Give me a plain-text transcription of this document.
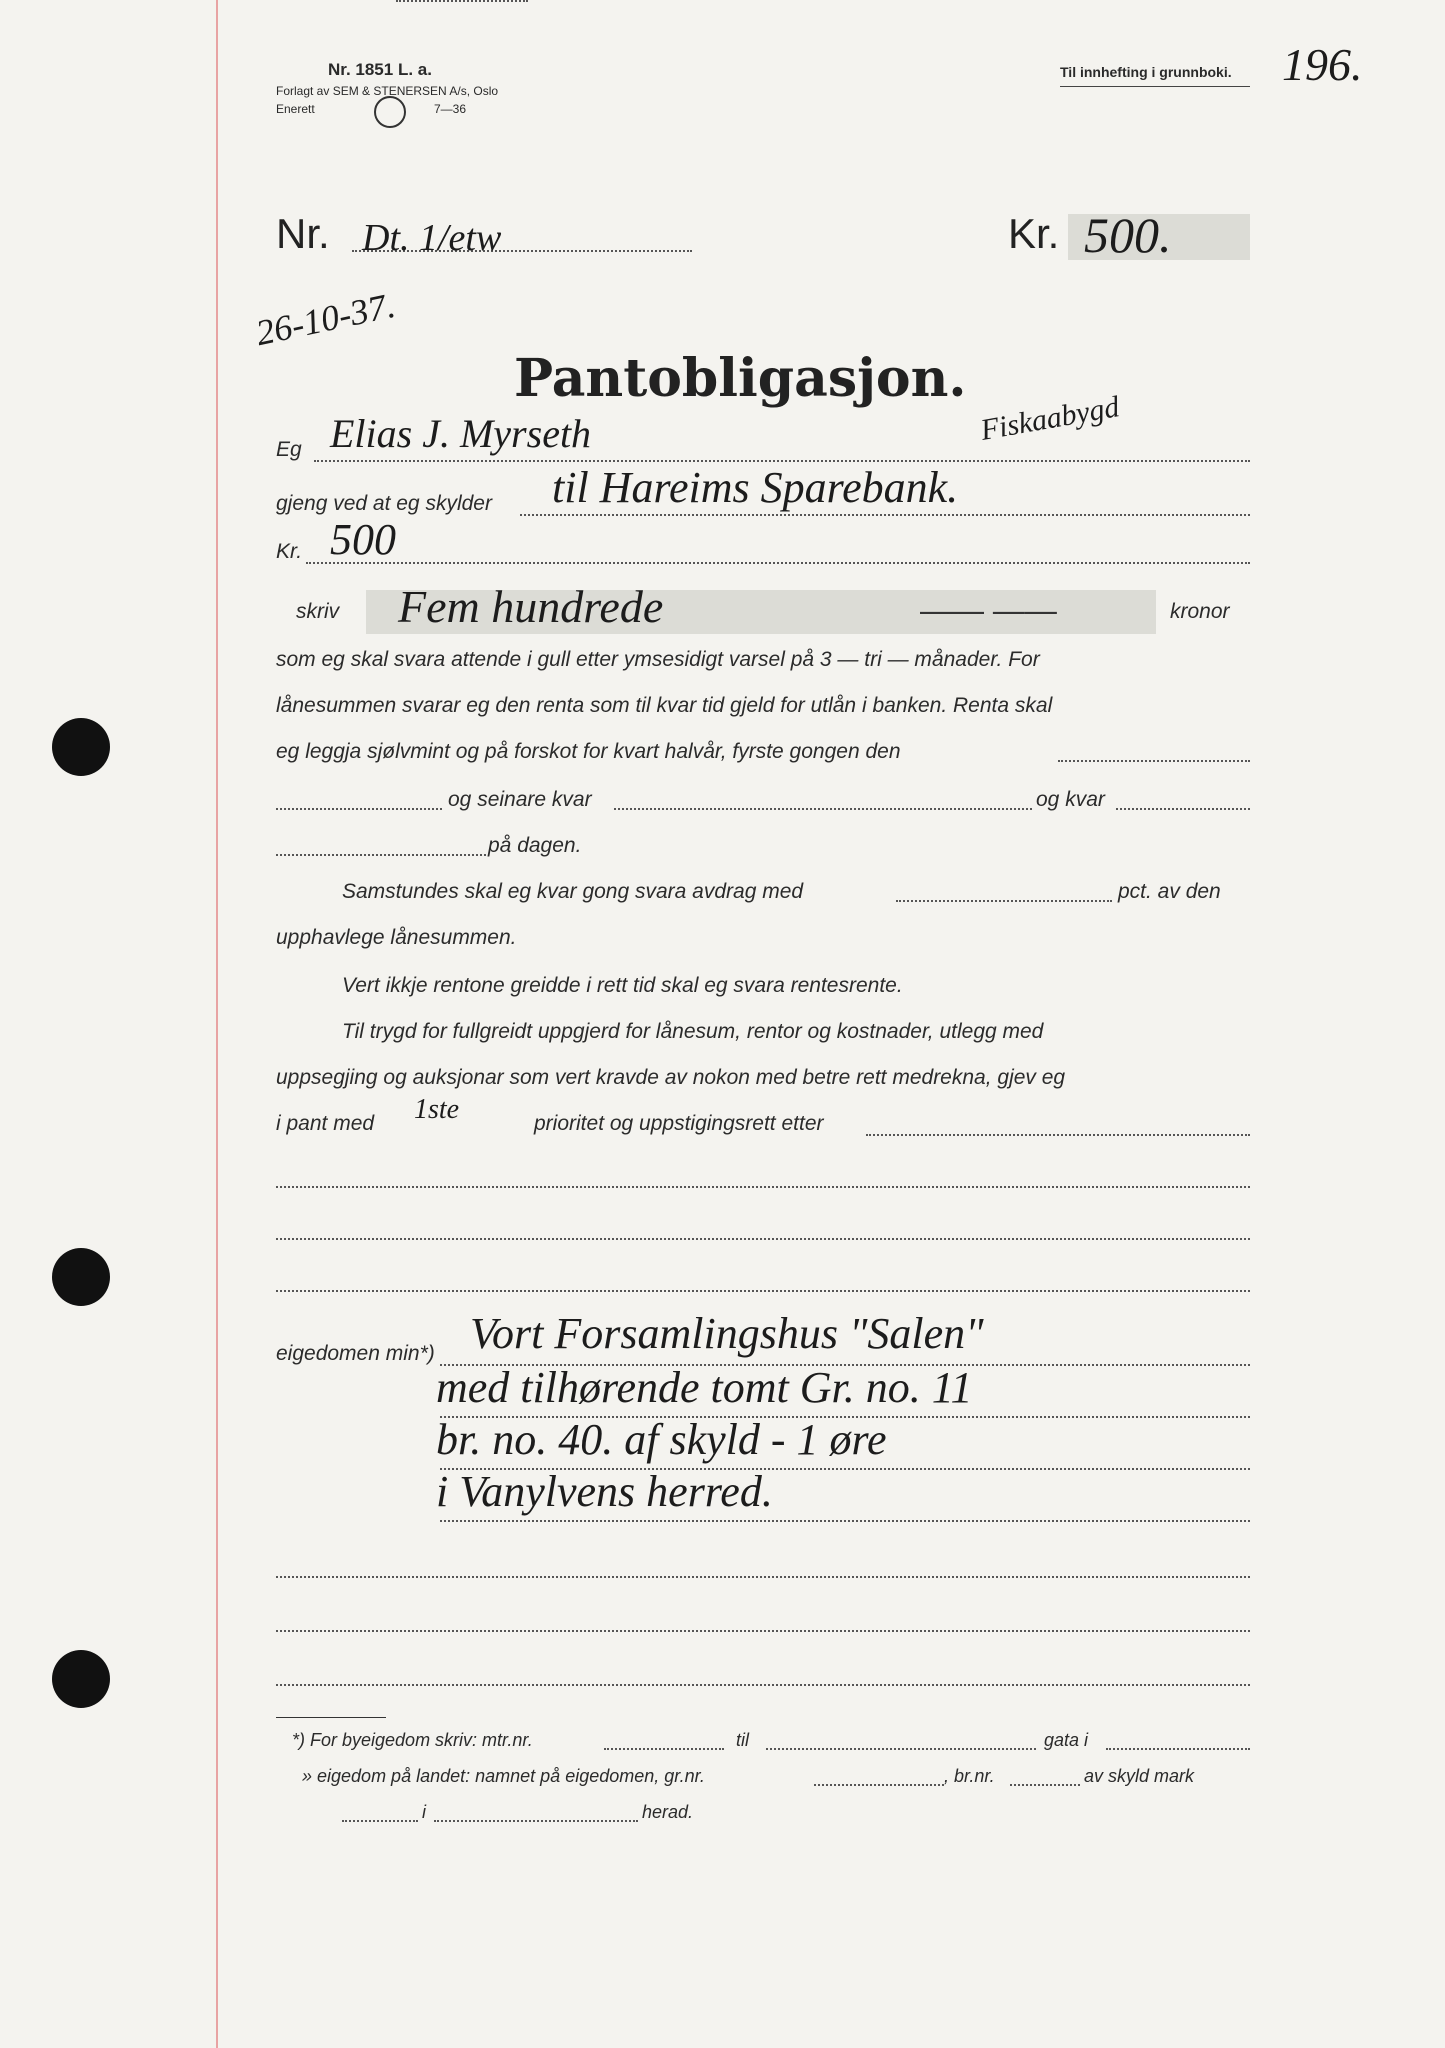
Nr. 1851 L. a.
Forlagt av SEM & STENERSEN A/s, Oslo
Enerett	7—36
Til innhefting i grunnboki. 196.
Nr. Dt. 1/etw	Kr. 500.
26-10-37.
Pantobligasjon.
Eg Elias J. Myrseth	Fiskaabygd
gjeng ved at eg skylder til Hareims Sparebank.
Kr. 500
skriv Fem hundrede	—— ——	kronor
som eg skal svara attende i gull etter ymsesidigt varsel på 3 — tri — månader. For
lånesummen svarar eg den renta som til kvar tid gjeld for utlån i banken. Renta skal
eg leggja sjølvmint og på forskot for kvart halvår, fyrste gongen den
og seinare kvar	og kvar
på dagen.
Samstundes skal eg kvar gong svara avdrag med	pct. av den
upphavlege lånesummen.
Vert ikkje rentone greidde i rett tid skal eg svara rentesrente.
Til trygd for fullgreidt uppgjerd for lånesum, rentor og kostnader, utlegg med
uppsegjing og auksjonar som vert kravde av nokon med betre rett medrekna, gjev eg
i pant med 1ste	prioritet og uppstigingsrett etter
eigedomen min*) Vort Forsamlingshus "Salen"
med tilhørende tomt Gr. no. 11
br. no. 40. af skyld - 1 øre
i Vanylvens herred.
*) For byeigedom skriv: mtr.nr.	til	gata i
» eigedom på landet: namnet på eigedomen, gr.nr.	, br.nr.	av skyld mark
i	herad.
